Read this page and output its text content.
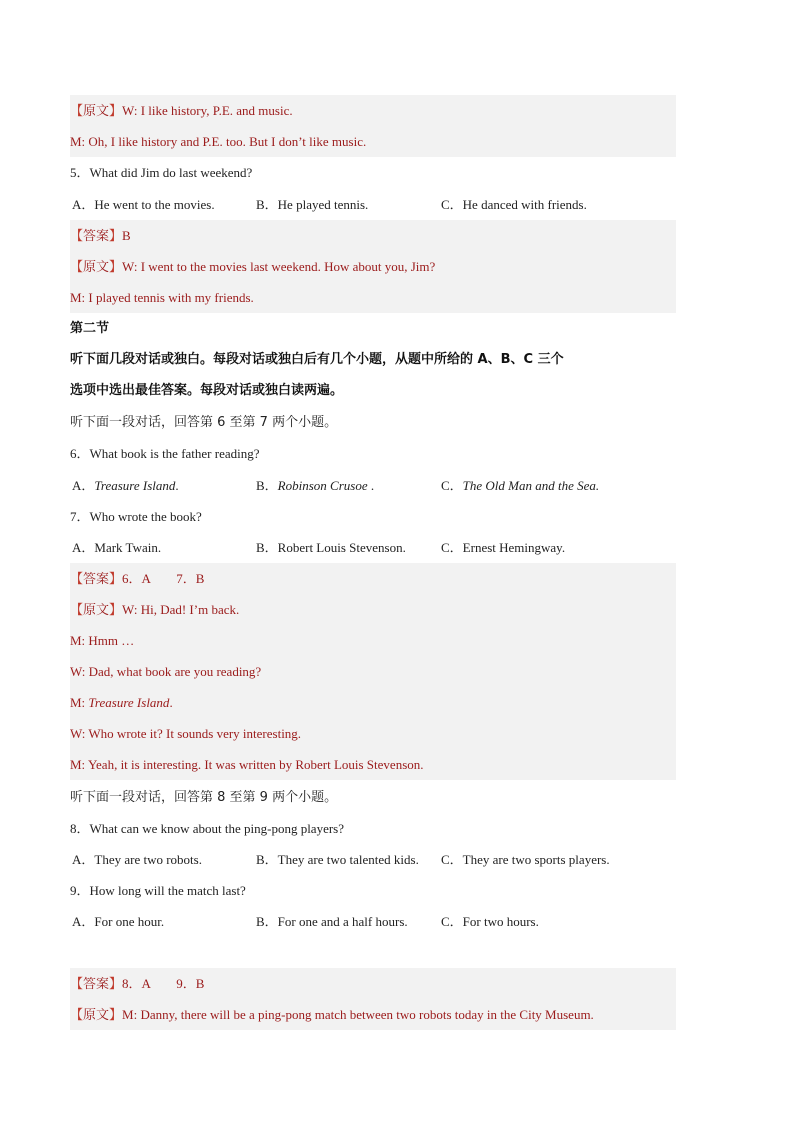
【原文】W: I like history, P.E. and music.
M: Oh, I like history and P.E. too. But I don’t like music.
5．What did Jim do last weekend?
A．He went to the movies.	B．He played tennis.	C．He danced with friends.
【答案】B
【原文】W: I went to the movies last weekend. How about you, Jim?
M: I played tennis with my friends.
第二节
听下面几段对话或独白。每段对话或独白后有几个小题，从题中所给的 A、B、C 三个
选项中选出最佳答案。每段对话或独白读两遍。
听下面一段对话，回答第 6 至第 7 两个小题。
6．What book is the father reading?
A．Treasure Island.	B．Robinson Crusoe .	C．The Old Man and the Sea.
7．Who wrote the book?
A．Mark Twain.	B．Robert Louis Stevenson.	C．Ernest Hemingway.
【答案】6．A　　7．B
【原文】W: Hi, Dad! I’m back.
M: Hmm …
W: Dad, what book are you reading?
M: Treasure Island.
W: Who wrote it? It sounds very interesting.
M: Yeah, it is interesting. It was written by Robert Louis Stevenson.
听下面一段对话，回答第 8 至第 9 两个小题。
8．What can we know about the ping-pong players?
A．They are two robots.	B．They are two talented kids. C．They are two sports players.
9．How long will the match last?
A．For one hour.	B．For one and a half hours.	C．For two hours.
【答案】8．A　　9．B
【原文】M: Danny, there will be a ping-pong match between two robots today in the City Museum.
